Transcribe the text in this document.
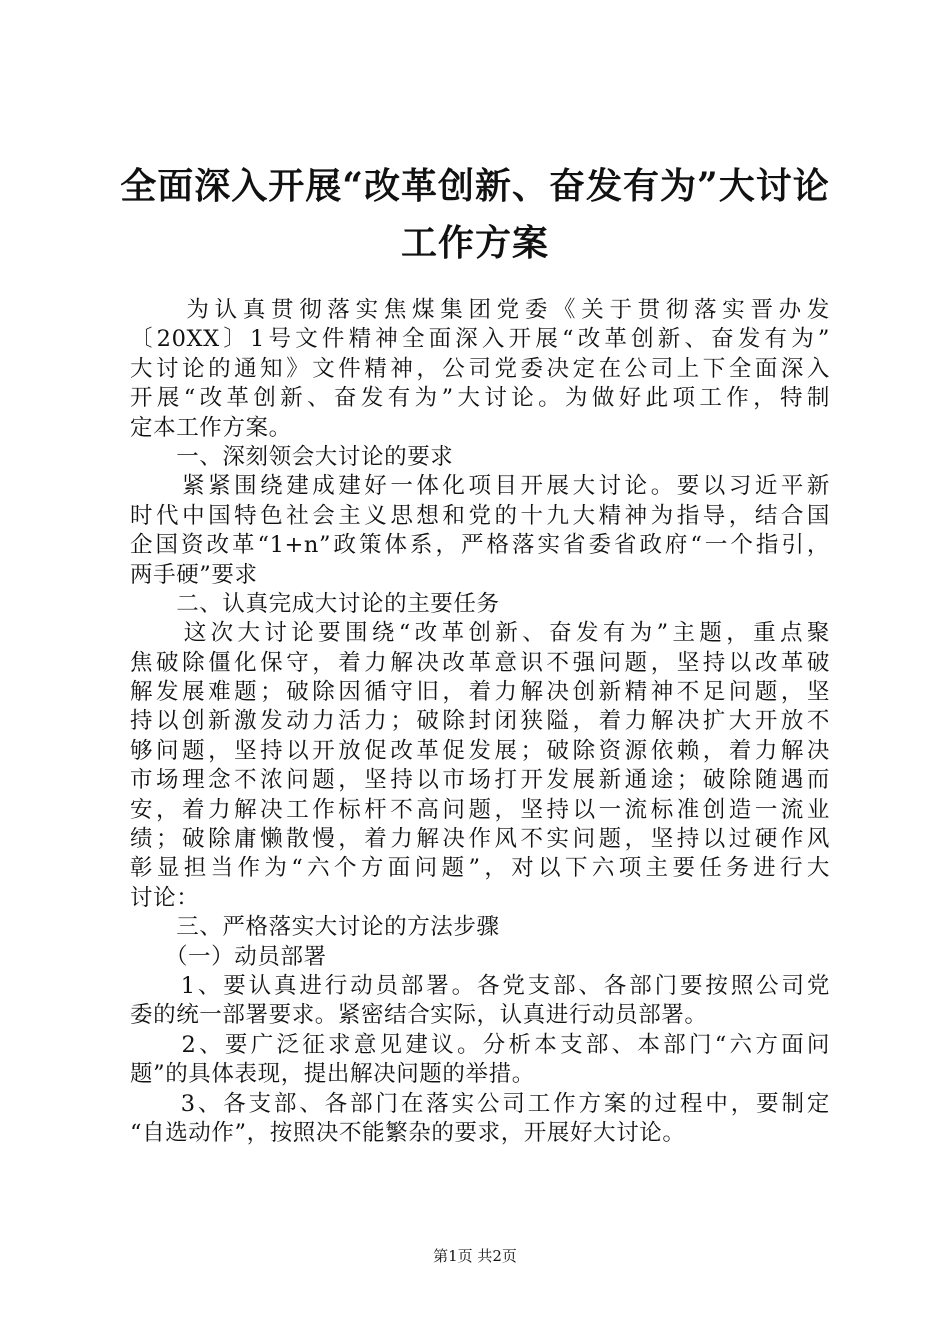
全面深入开展“改革创新、奋发有为”大讨论
工作方案
　　为认真贯彻落实焦煤集团党委《关于贯彻落实晋办发
〔20XX〕1号文件精神全面深入开展“改革创新、奋发有为”
大讨论的通知》文件精神，公司党委决定在公司上下全面深入
开展“改革创新、奋发有为”大讨论。为做好此项工作，特制
定本工作方案。
　　一、深刻领会大讨论的要求
　　紧紧围绕建成建好一体化项目开展大讨论。要以习近平新
时代中国特色社会主义思想和党的十九大精神为指导，结合国
企国资改革“1+n”政策体系，严格落实省委省政府“一个指引，
两手硬”要求
　　二、认真完成大讨论的主要任务
　　这次大讨论要围绕“改革创新、奋发有为”主题，重点聚
焦破除僵化保守，着力解决改革意识不强问题，坚持以改革破
解发展难题；破除因循守旧，着力解决创新精神不足问题，坚
持以创新激发动力活力；破除封闭狭隘，着力解决扩大开放不
够问题，坚持以开放促改革促发展；破除资源依赖，着力解决
市场理念不浓问题，坚持以市场打开发展新通途；破除随遇而
安，着力解决工作标杆不高问题，坚持以一流标准创造一流业
绩；破除庸懒散慢，着力解决作风不实问题，坚持以过硬作风
彰显担当作为“六个方面问题”，对以下六项主要任务进行大
讨论：
　　三、严格落实大讨论的方法步骤
　　（一）动员部署
　　1、要认真进行动员部署。各党支部、各部门要按照公司党
委的统一部署要求。紧密结合实际，认真进行动员部署。
　　2、要广泛征求意见建议。分析本支部、本部门“六方面问
题”的具体表现，提出解决问题的举措。
　　3、各支部、各部门在落实公司工作方案的过程中，要制定
“自选动作”，按照决不能繁杂的要求，开展好大讨论。
第1页 共2页
